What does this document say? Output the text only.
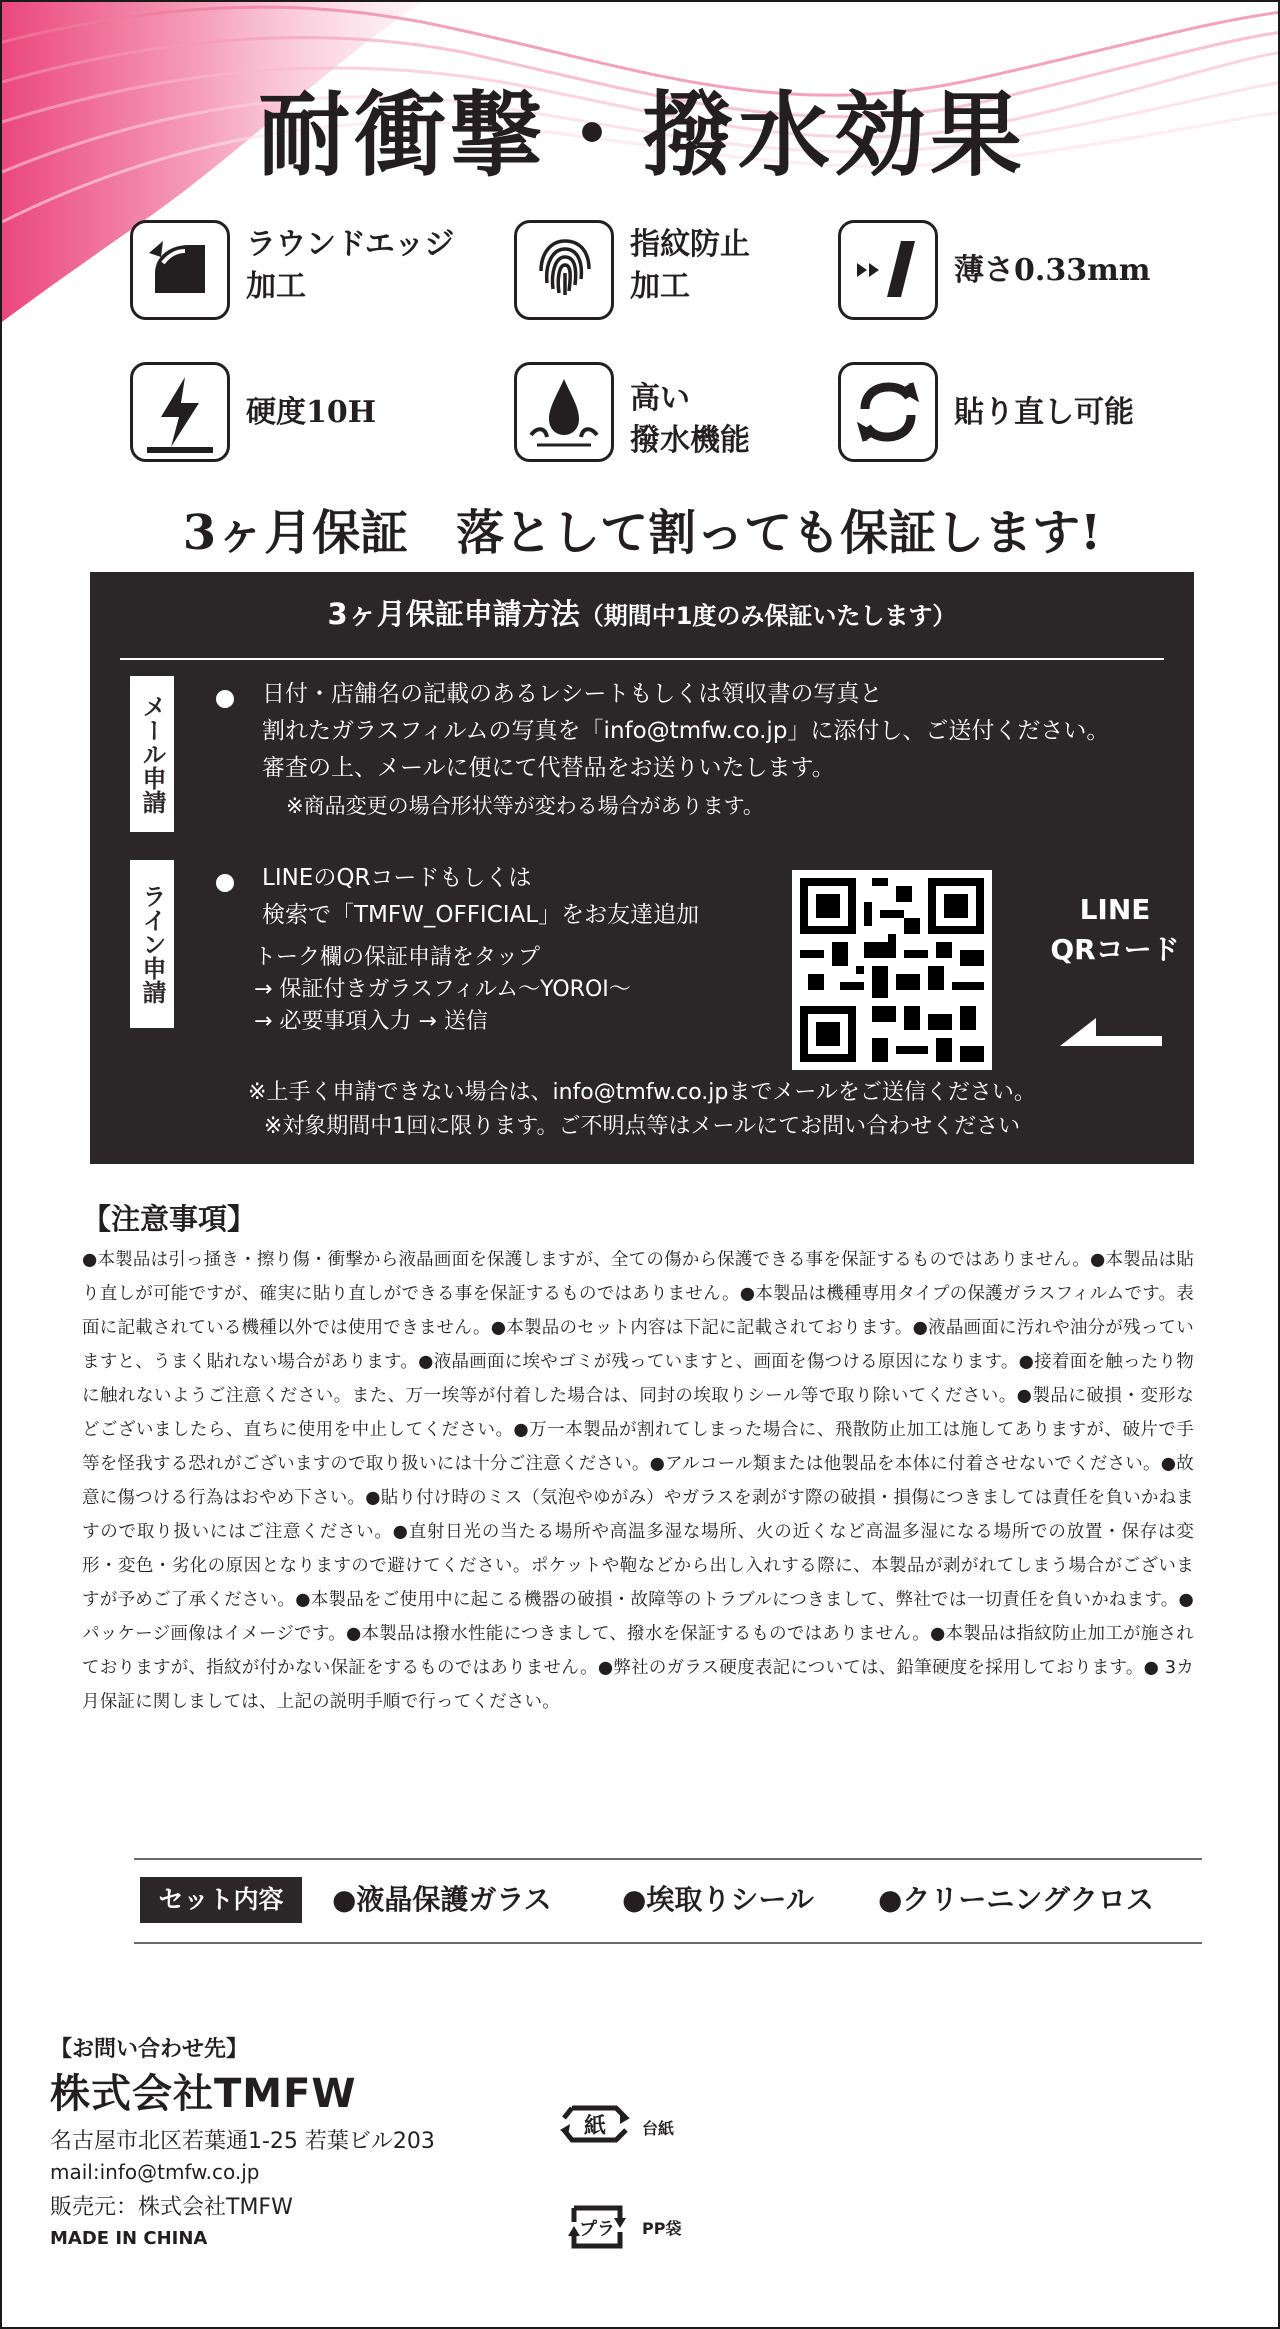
耐衝撃・撥水効果
ラウンドエッジ
加工
指紋防止
加工	薄さ0.33mm
硬度10H	高い
撥水機能
貼り直し可能
3ヶ月保証　落として割っても保証します!
3ヶ月保証申請方法（期間中1度のみ保証いたします）
メール申請	日付・店舗名の記載のあるレシートもしくは領収書の写真と
割れたガラスフィルムの写真を「info@tmfw.co.jp」に添付し、ご送付ください。
審査の上、メールに便にて代替品をお送りいたします。
※商品変更の場合形状等が変わる場合があります。
ライン申請
LINEのQRコードもしくは
検索で「TMFW_OFFICIAL」をお友達追加
トーク欄の保証申請をタップ
→ 保証付きガラスフィルム～YOROI～
→ 必要事項入力 → 送信
LINE
QRコード
※上手く申請できない場合は、info@tmfw.co.jpまでメールをご送信ください。
※対象期間中1回に限ります。ご不明点等はメールにてお問い合わせください
【注意事項】
●本製品は引っ掻き・擦り傷・衝撃から液晶画面を保護しますが、全ての傷から保護できる事を保証するものではありません。●本製品は貼り直しが可能ですが、確実に貼り直しができる事を保証するものではありません。●本製品は機種専用タイプの保護ガラスフィルムです。表面に記載されている機種以外では使用できません。●本製品のセット内容は下記に記載されております。●液晶画面に汚れや油分が残っていますと、うまく貼れない場合があります。●液晶画面に埃やゴミが残っていますと、画面を傷つける原因になります。●接着面を触ったり物に触れないようご注意ください。また、万一埃等が付着した場合は、同封の埃取りシール等で取り除いてください。●製品に破損・変形などございましたら、直ちに使用を中止してください。●万一本製品が割れてしまった場合に、飛散防止加工は施してありますが、破片で手等を怪我する恐れがございますので取り扱いには十分ご注意ください。●アルコール類または他製品を本体に付着させないでください。●故意に傷つける行為はおやめ下さい。●貼り付け時のミス（気泡やゆがみ）やガラスを剥がす際の破損・損傷につきましては責任を負いかねますので取り扱いにはご注意ください。●直射日光の当たる場所や高温多湿な場所、火の近くなど高温多湿になる場所での放置・保存は変形・変色・劣化の原因となりますので避けてください。ポケットや鞄などから出し入れする際に、本製品が剥がれてしまう場合がございますが予めご了承ください。●本製品をご使用中に起こる機器の破損・故障等のトラブルにつきまして、弊社では一切責任を負いかねます。●パッケージ画像はイメージです。●本製品は撥水性能につきまして、撥水を保証するものではありません。●本製品は指紋防止加工が施されておりますが、指紋が付かない保証をするものではありません。●弊社のガラス硬度表記については、鉛筆硬度を採用しております。● 3カ月保証に関しましては、上記の説明手順で行ってください。
セット内容	●液晶保護ガラス	●埃取りシール ●クリーニングクロス
【お問い合わせ先】
株式会社TMFW
名古屋市北区若葉通1-25 若葉ビル203
mail:info@tmfw.co.jp
販売元：株式会社TMFW
MADE IN CHINA
紙 台紙
プラ PP袋
